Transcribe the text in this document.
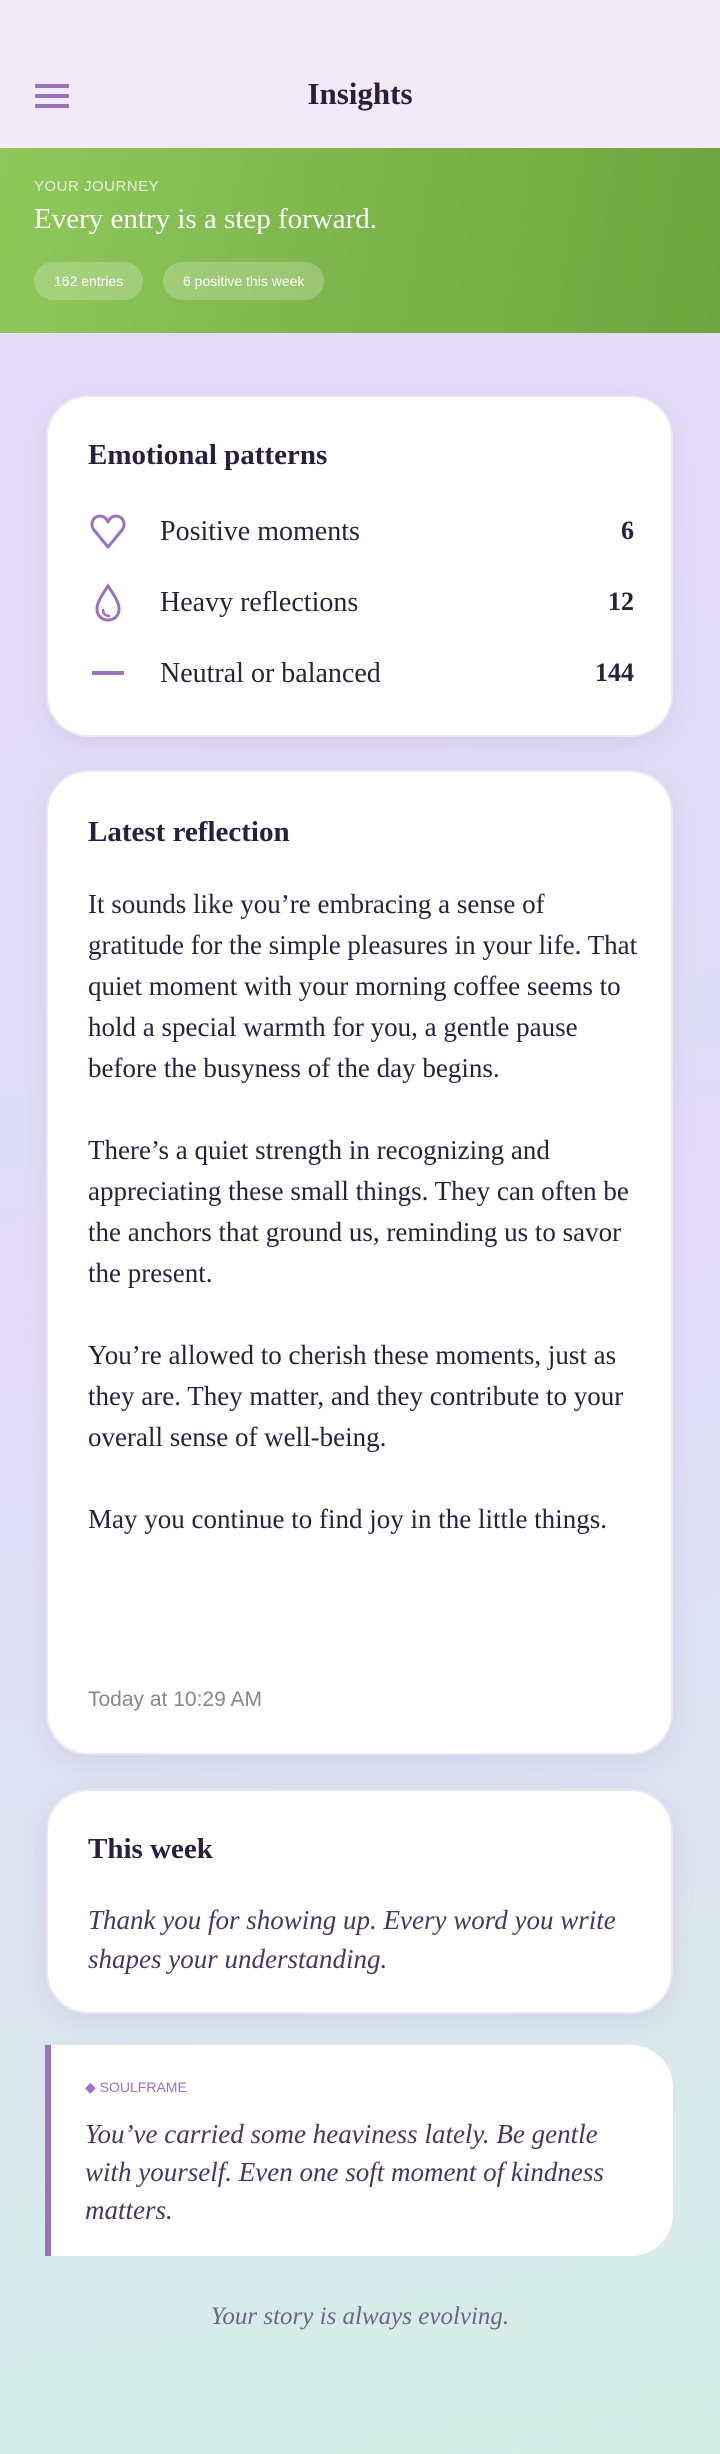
Insights
YOUR JOURNEY
Every entry is a step forward.
162 entries	6 positive this week
Emotional patterns
Positive moments	6
Heavy reflections	12
Neutral or balanced	144
Latest reflection

It sounds like you’re embracing a sense of gratitude for the simple pleasures in your life. That quiet moment with your morning coffee seems to hold a special warmth for you, a gentle pause before the busyness of the day begins.

There’s a quiet strength in recognizing and appreciating these small things. They can often be the anchors that ground us, reminding us to savor the present.

You’re allowed to cherish these moments, just as they are. They matter, and they contribute to your overall sense of well-being.

May you continue to find joy in the little things.

Today at 10:29 AM
This week
Thank you for showing up. Every word you write shapes your understanding.
◆ SOULFRAME
You’ve carried some heaviness lately. Be gentle with yourself. Even one soft moment of kindness matters.
Your story is always evolving.
